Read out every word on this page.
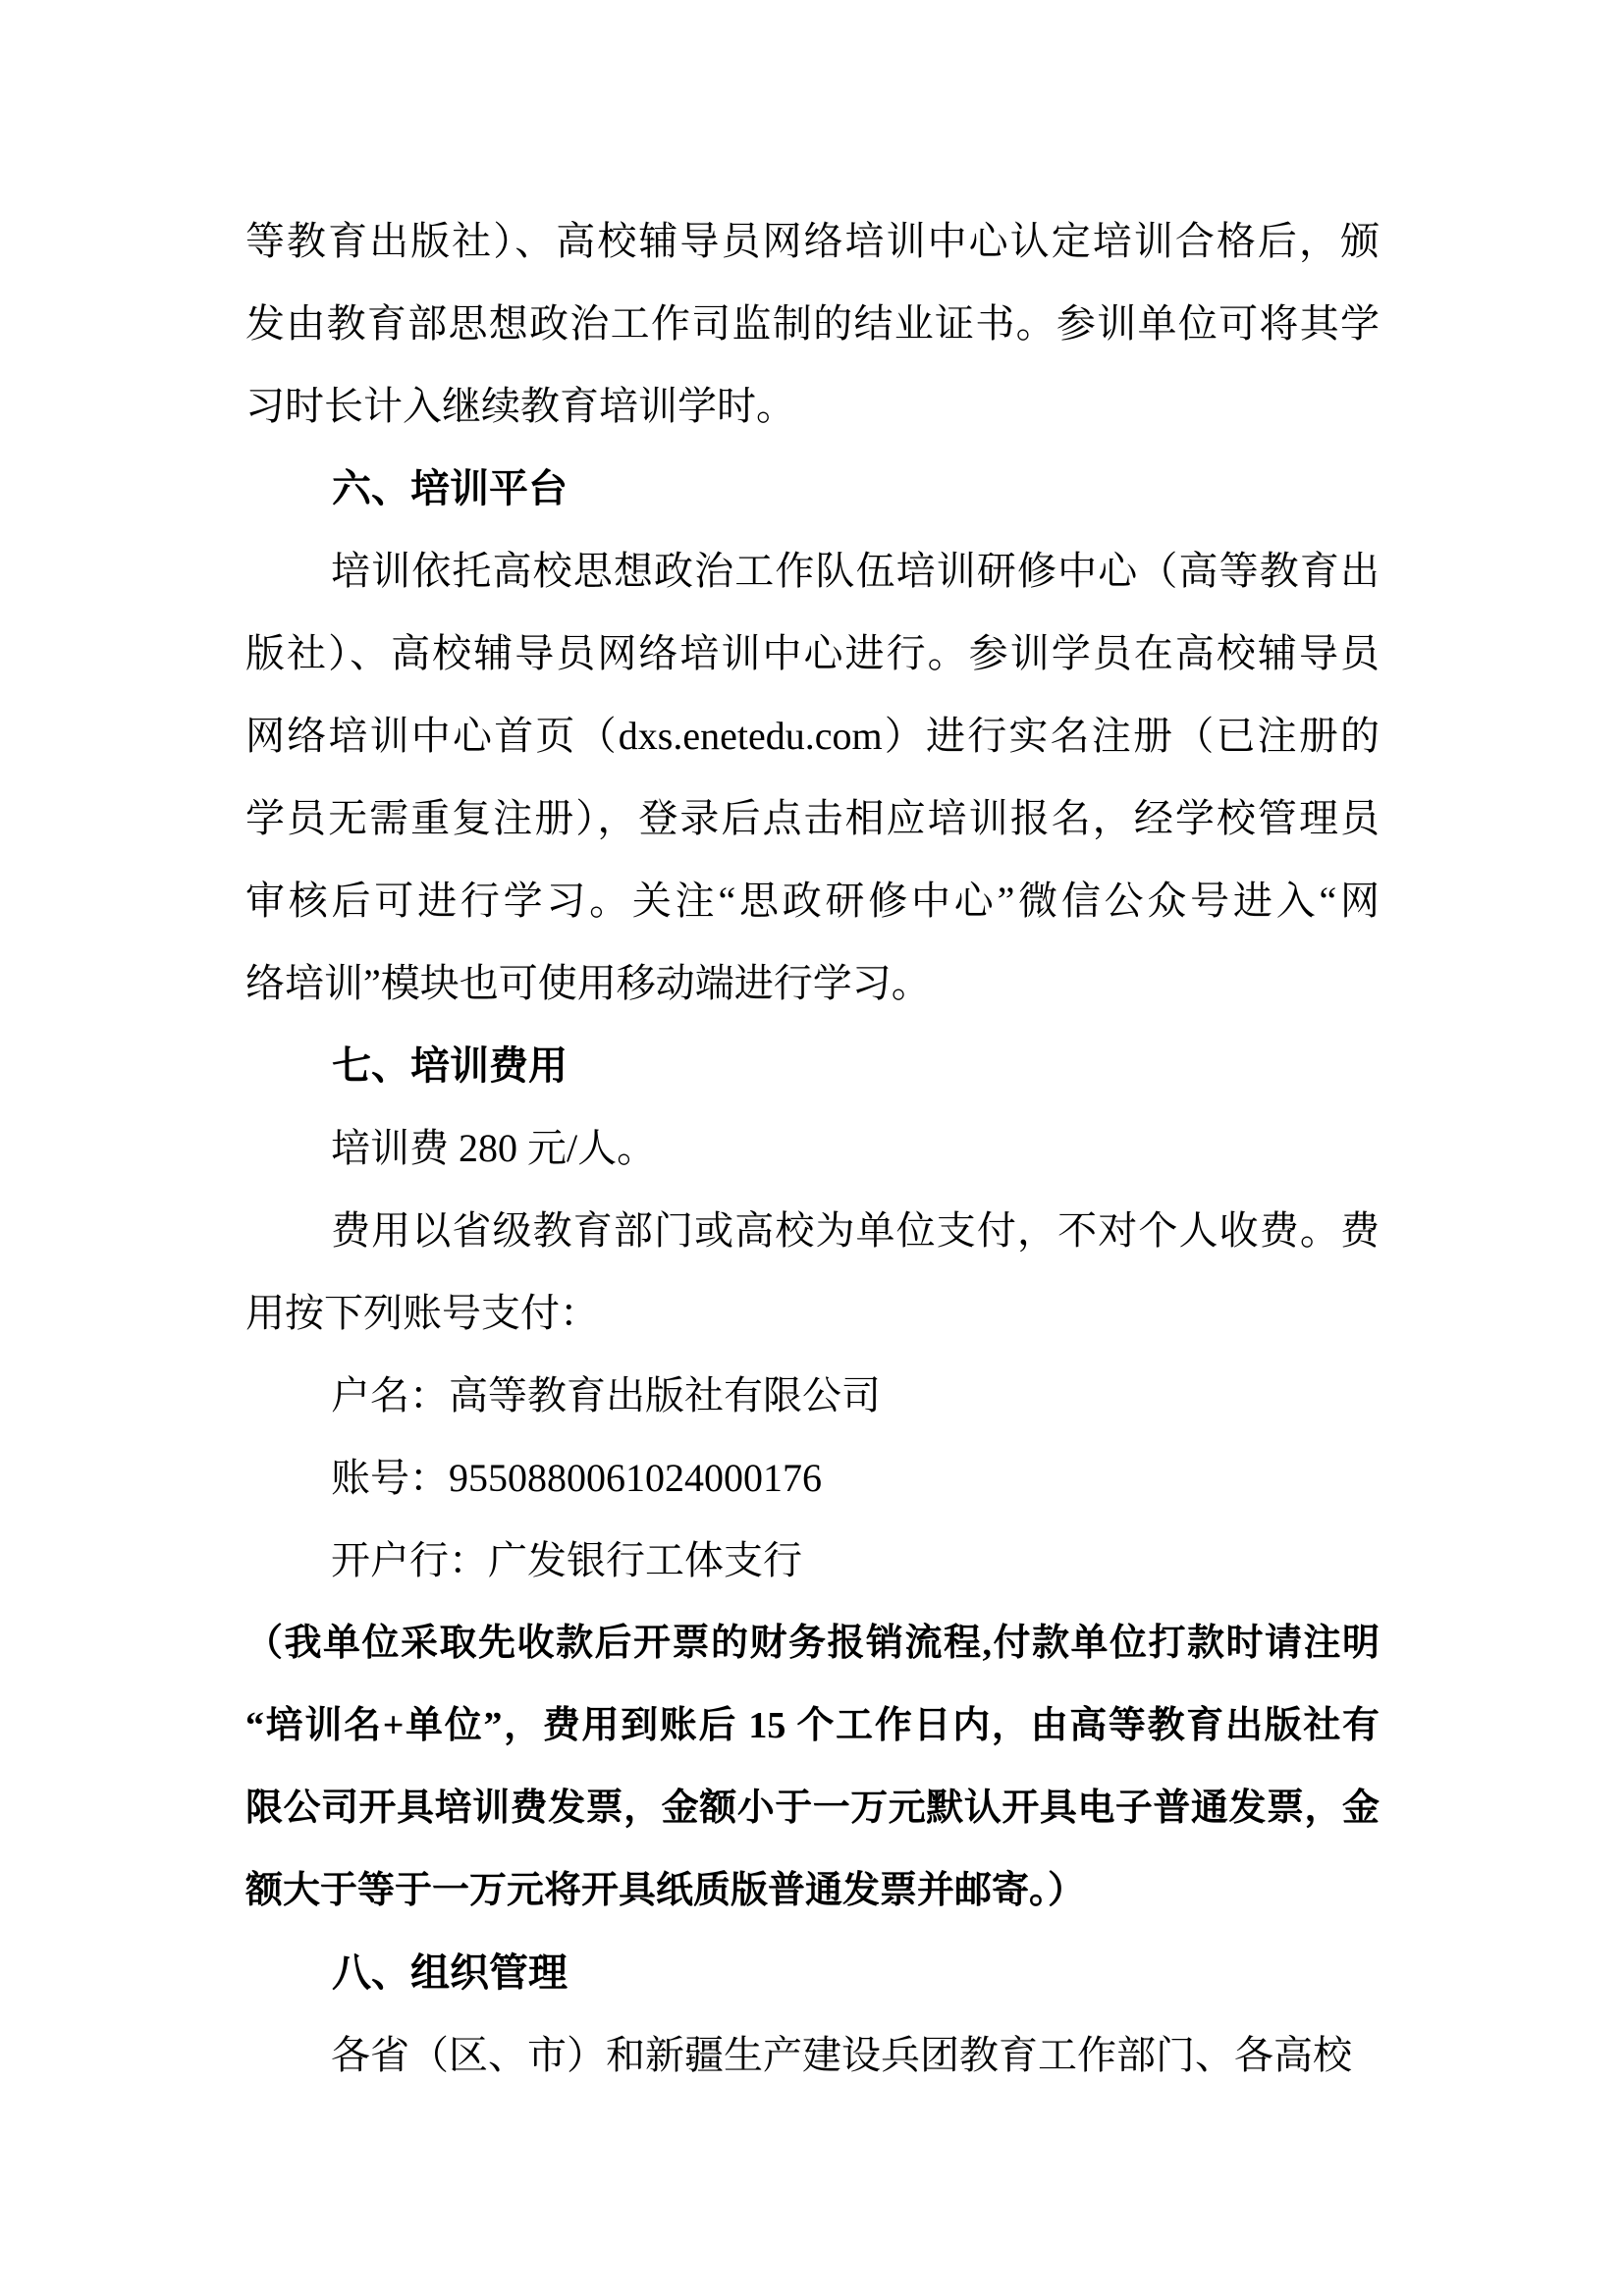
等教育出版社）、高校辅导员网络培训中心认定培训合格后，颁
发由教育部思想政治工作司监制的结业证书。参训单位可将其学
习时长计入继续教育培训学时。
六、培训平台
培训依托高校思想政治工作队伍培训研修中心（高等教育出
版社）、高校辅导员网络培训中心进行。参训学员在高校辅导员
网络培训中心首页（dxs.enetedu.com）进行实名注册（已注册的
学员无需重复注册），登录后点击相应培训报名，经学校管理员
审核后可进行学习。关注“思政研修中心”微信公众号进入“网
络培训”模块也可使用移动端进行学习。
七、培训费用
培训费 280 元/人。
费用以省级教育部门或高校为单位支付，不对个人收费。费
用按下列账号支付：
户名：高等教育出版社有限公司
账号：9550880061024000176
开户行：广发银行工体支行
（我单位采取先收款后开票的财务报销流程,付款单位打款时请注明
“培训名+单位”，费用到账后 15 个工作日内，由高等教育出版社有
限公司开具培训费发票，金额小于一万元默认开具电子普通发票，金
额大于等于一万元将开具纸质版普通发票并邮寄。）
八、组织管理
各省（区、市）和新疆生产建设兵团教育工作部门、各高校
